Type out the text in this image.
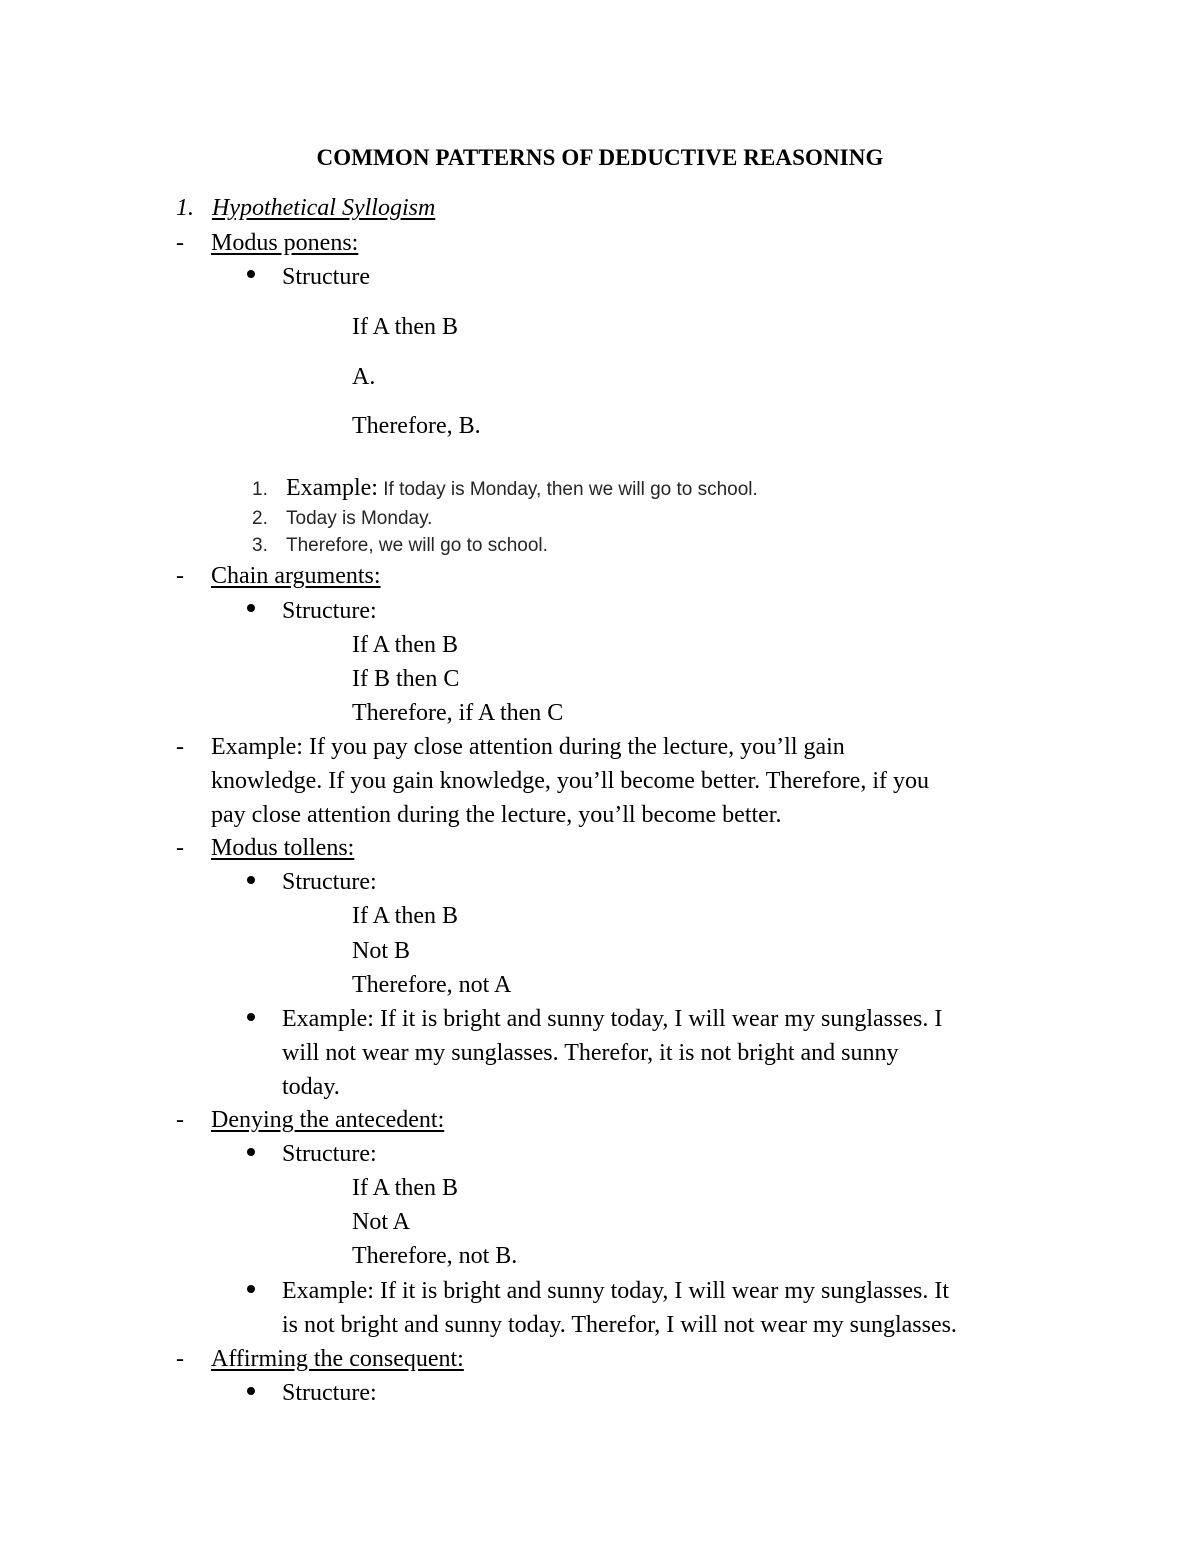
COMMON PATTERNS OF DEDUCTIVE REASONING
1. Hypothetical Syllogism
- Modus ponens:
Structure
If A then B
A.
Therefore, B.
1. Example: If today is Monday, then we will go to school.
2. Today is Monday.
3. Therefore, we will go to school.
- Chain arguments:
Structure:
If A then B
If B then C
Therefore, if A then C
- Example: If you pay close attention during the lecture, you’ll gain
knowledge. If you gain knowledge, you’ll become better. Therefore, if you
pay close attention during the lecture, you’ll become better.
- Modus tollens:
Structure:
If A then B
Not B
Therefore, not A
Example: If it is bright and sunny today, I will wear my sunglasses. I
will not wear my sunglasses. Therefor, it is not bright and sunny
today.
- Denying the antecedent:
Structure:
If A then B
Not A
Therefore, not B.
Example: If it is bright and sunny today, I will wear my sunglasses. It
is not bright and sunny today. Therefor, I will not wear my sunglasses.
- Affirming the consequent:
Structure:
